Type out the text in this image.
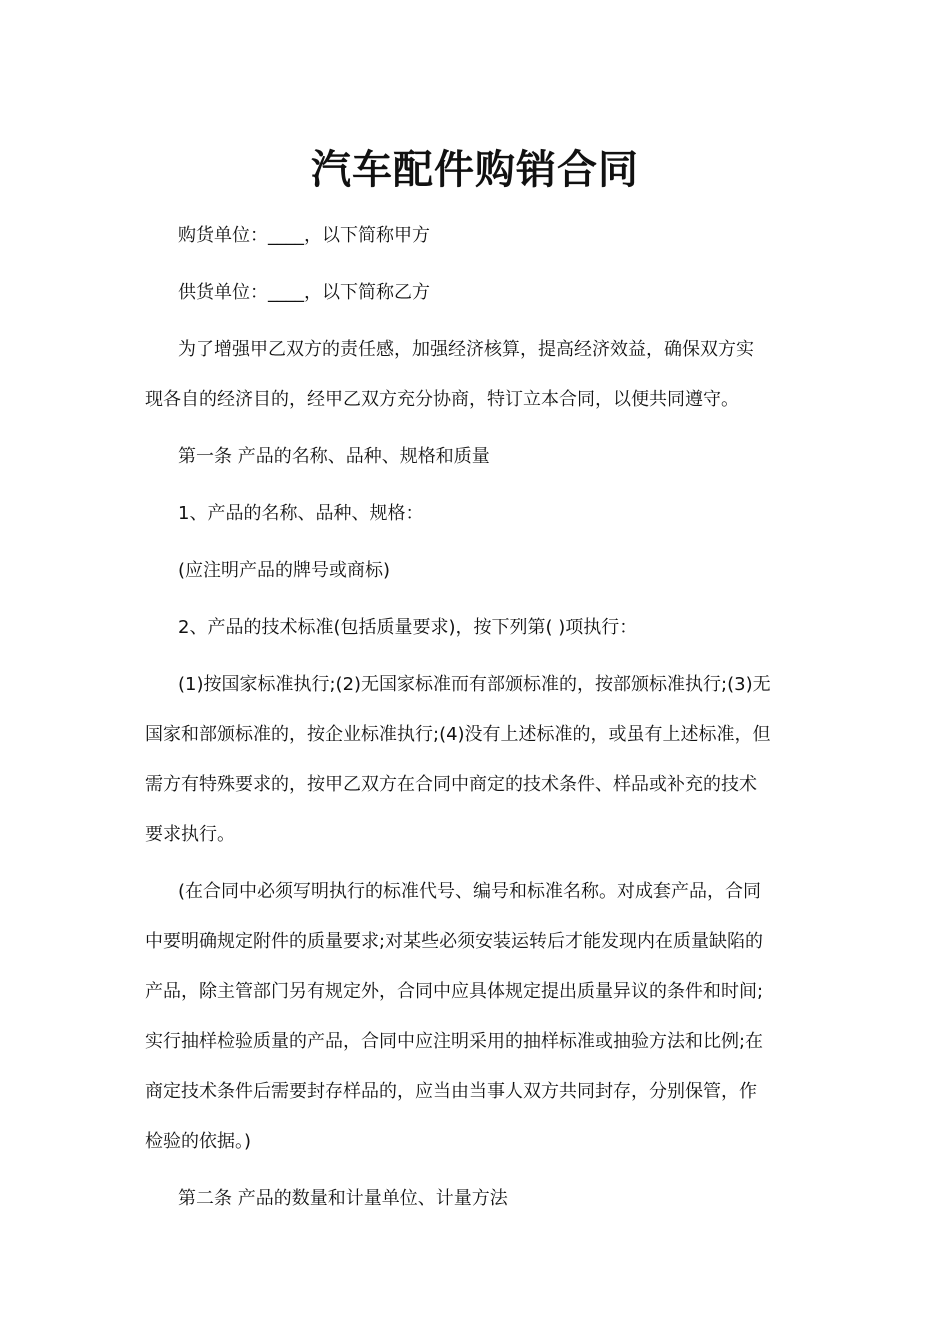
汽车配件购销合同

购货单位：____，以下简称甲方

供货单位：____，以下简称乙方

为了增强甲乙双方的责任感，加强经济核算，提高经济效益，确保双方实
现各自的经济目的，经甲乙双方充分协商，特订立本合同，以便共同遵守。

第一条 产品的名称、品种、规格和质量

1、产品的名称、品种、规格：

(应注明产品的牌号或商标)

2、产品的技术标准(包括质量要求)，按下列第( )项执行：

(1)按国家标准执行;(2)无国家标准而有部颁标准的，按部颁标准执行;(3)无
国家和部颁标准的，按企业标准执行;(4)没有上述标准的，或虽有上述标准，但
需方有特殊要求的，按甲乙双方在合同中商定的技术条件、样品或补充的技术
要求执行。

(在合同中必须写明执行的标准代号、编号和标准名称。对成套产品，合同
中要明确规定附件的质量要求;对某些必须安装运转后才能发现内在质量缺陷的
产品，除主管部门另有规定外，合同中应具体规定提出质量异议的条件和时间;
实行抽样检验质量的产品，合同中应注明采用的抽样标准或抽验方法和比例;在
商定技术条件后需要封存样品的，应当由当事人双方共同封存，分别保管，作
检验的依据。)

第二条 产品的数量和计量单位、计量方法
